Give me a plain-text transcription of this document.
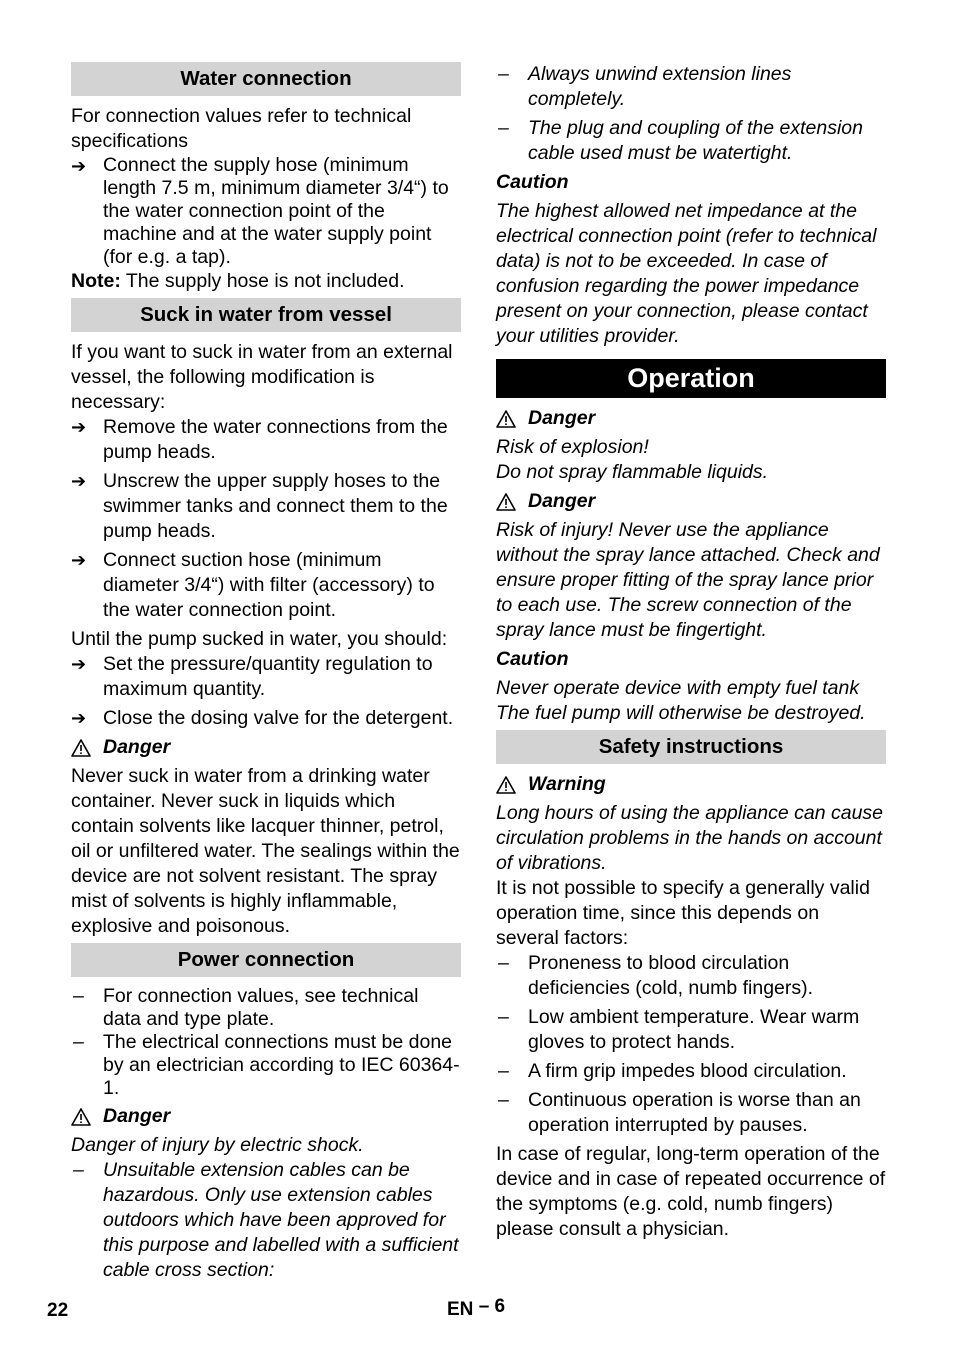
Water connection

For connection values refer to technical specifications

➔ Connect the supply hose (minimum length 7.5 m, minimum diameter 3/4“) to the water connection point of the machine and at the water supply point (for e.g. a tap).

Note: The supply hose is not included.

Suck in water from vessel

If you want to suck in water from an external vessel, the following modification is necessary:

➔ Remove the water connections from the pump heads.
➔ Unscrew the upper supply hoses to the swimmer tanks and connect them to the pump heads.
➔ Connect suction hose (minimum diameter 3/4“) with filter (accessory) to the water connection point.

Until the pump sucked in water, you should:

➔ Set the pressure/quantity regulation to maximum quantity.
➔ Close the dosing valve for the detergent.
Danger

Never suck in water from a drinking water container. Never suck in liquids which contain solvents like lacquer thinner, petrol, oil or unfiltered water. The sealings within the device are not solvent resistant. The spray mist of solvents is highly inflammable, explosive and poisonous.

Power connection
– For connection values, see technical data and type plate.
– The electrical connections must be done by an electrician according to IEC 60364-1.
Danger

Danger of injury by electric shock.

– Unsuitable extension cables can be hazardous. Only use extension cables outdoors which have been approved for this purpose and labelled with a sufficient cable cross section:
– Always unwind extension lines completely.
– The plug and coupling of the extension cable used must be watertight.

Caution

The highest allowed net impedance at the electrical connection point (refer to technical data) is not to be exceeded. In case of confusion regarding the power impedance present on your connection, please contact your utilities provider.

Operation
Danger

Risk of explosion!

Do not spray flammable liquids.

Danger

Risk of injury! Never use the appliance without the spray lance attached. Check and ensure proper fitting of the spray lance prior to each use. The screw connection of the spray lance must be fingertight.

Caution

Never operate device with empty fuel tank The fuel pump will otherwise be destroyed.

Safety instructions
Warning

Long hours of using the appliance can cause circulation problems in the hands on account of vibrations.

It is not possible to specify a generally valid operation time, since this depends on several factors:

– Proneness to blood circulation deficiencies (cold, numb fingers).
– Low ambient temperature. Wear warm gloves to protect hands.
– A firm grip impedes blood circulation.
– Continuous operation is worse than an operation interrupted by pauses.

In case of regular, long-term operation of the device and in case of repeated occurrence of the symptoms (e.g. cold, numb fingers) please consult a physician.

22	EN – 6
